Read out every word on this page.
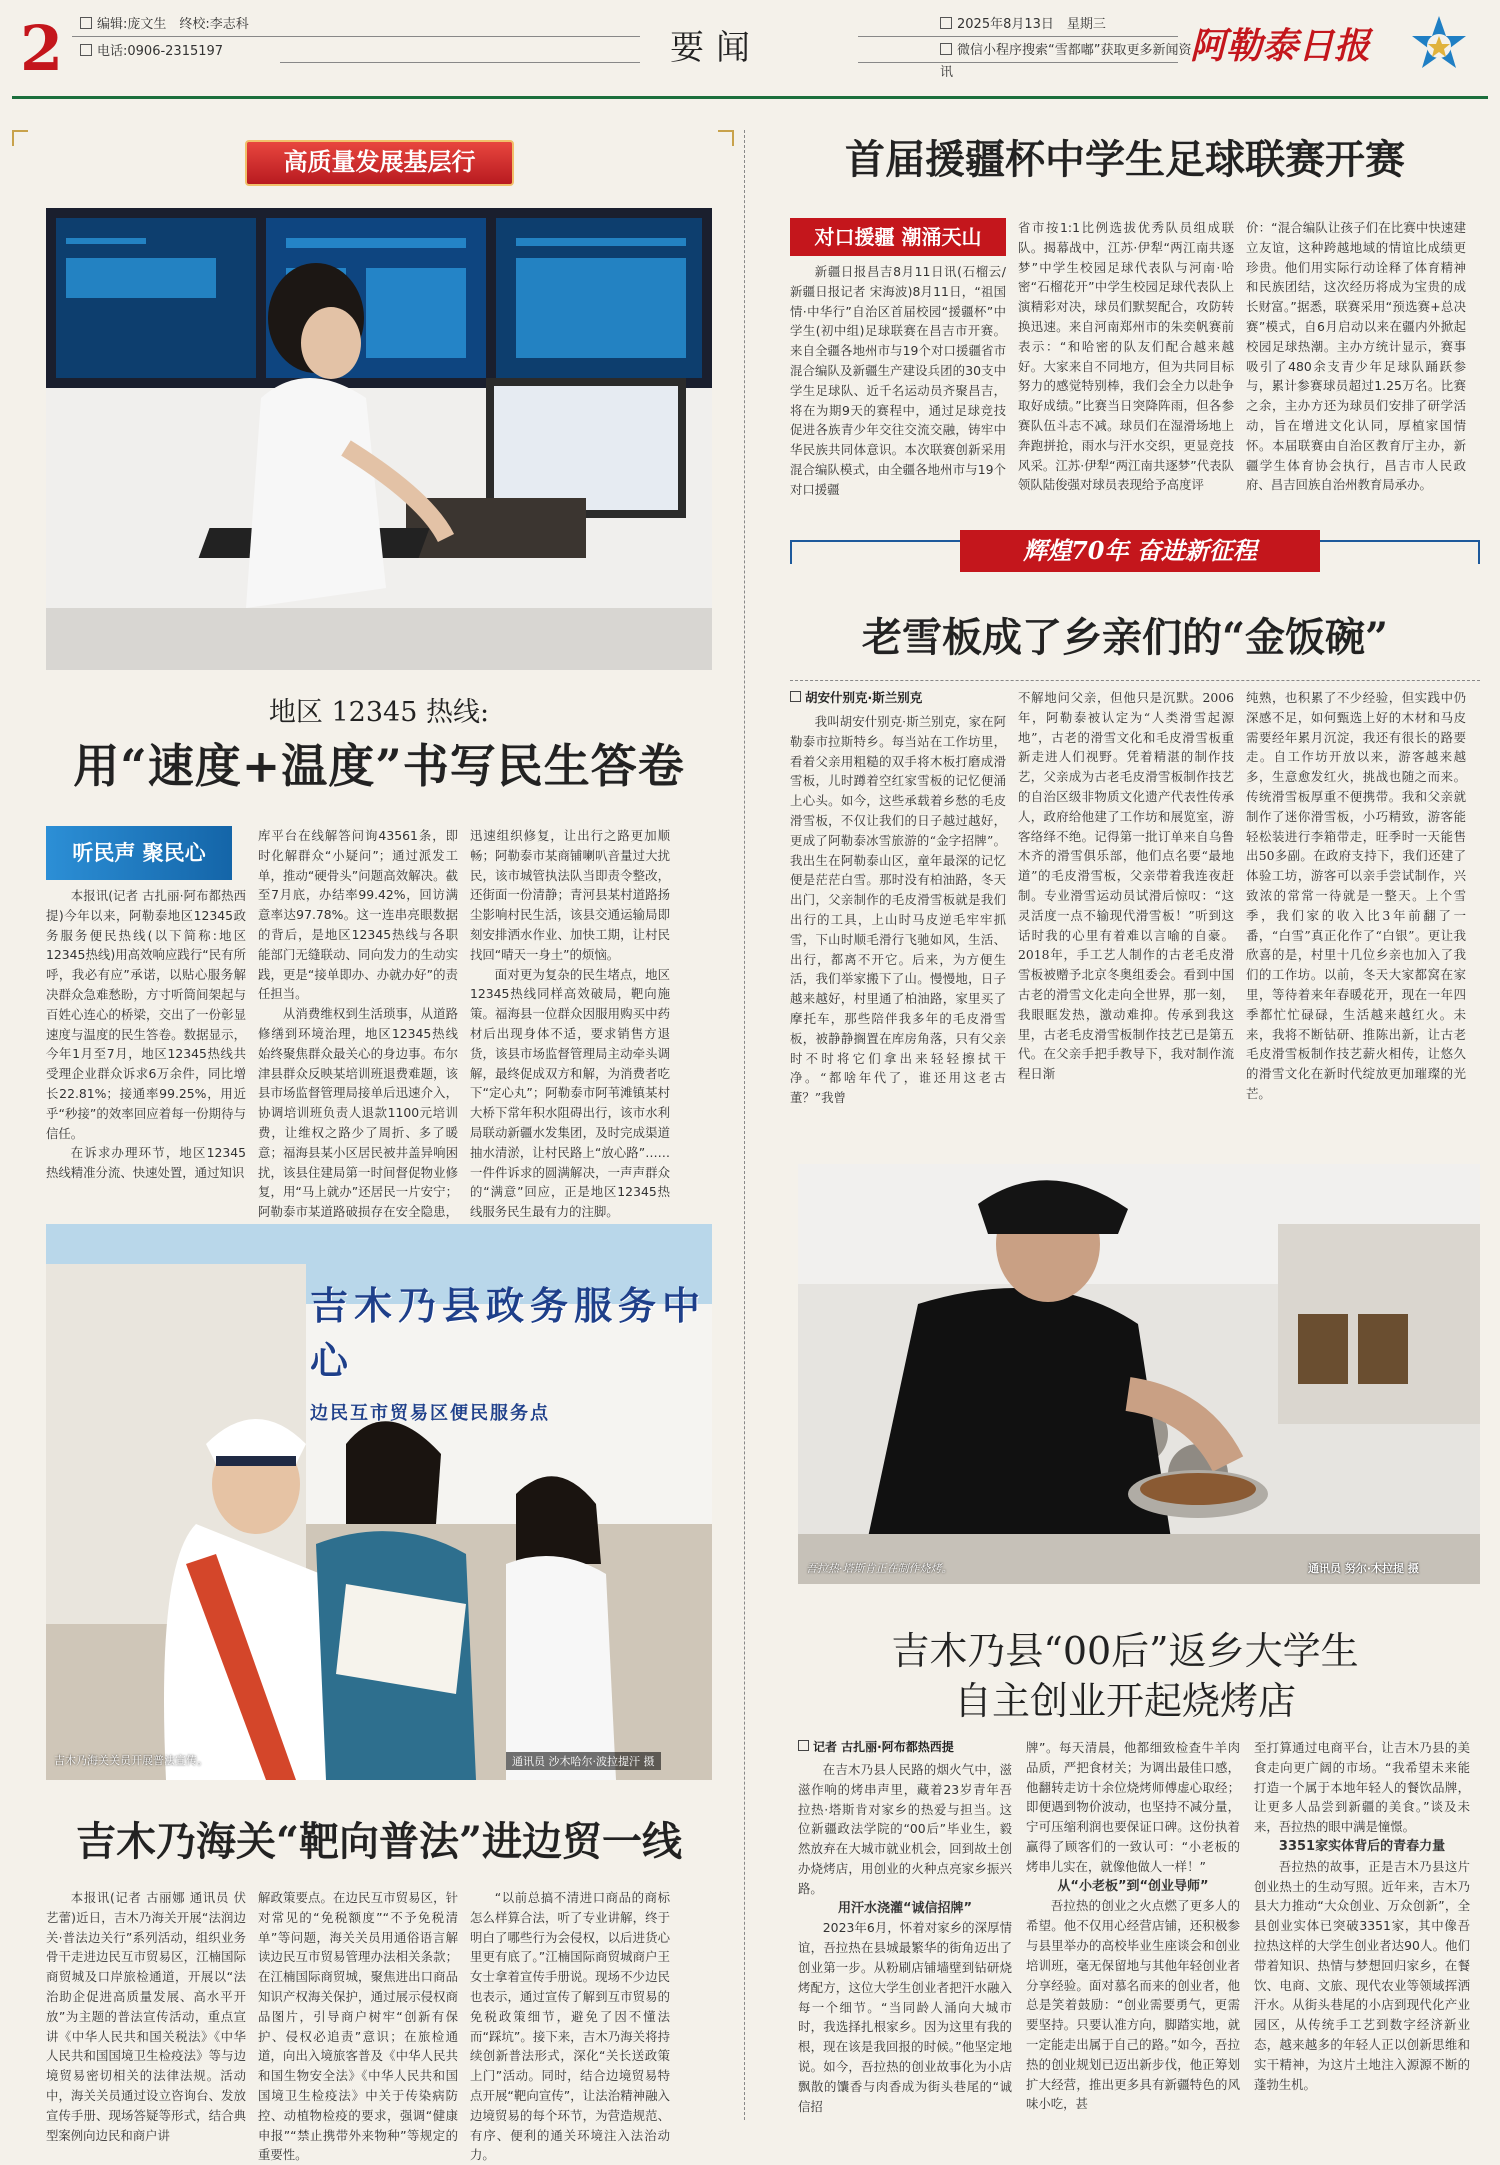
2	编辑:庞文生　终校:李志科
电话:0906-2315197	要闻
2025年8月13日　星期三
微信小程序搜索“雪都嘟”获取更多新闻资讯
阿勒泰日报
高质量发展基层行
地区 12345 热线:
用“速度+温度”书写民生答卷
听民声 聚民心

本报讯(记者 古扎丽·阿布都热西提)今年以来，阿勒泰地区12345政务服务便民热线(以下简称:地区12345热线)用高效响应践行“民有所呼，我必有应”承诺，以贴心服务解决群众急难愁盼，方寸听筒间架起与百姓心连心的桥梁，交出了一份彰显速度与温度的民生答卷。数据显示，今年1月至7月，地区12345热线共受理企业群众诉求6万余件，同比增长22.81%；接通率99.25%，用近乎“秒接”的效率回应着每一份期待与信任。

在诉求办理环节，地区12345热线精准分流、快速处置，通过知识

库平台在线解答问询43561条，即时化解群众“小疑问”；通过派发工单，推动“硬骨头”问题高效解决。截至7月底，办结率99.42%，回访满意率达97.78%。这一连串亮眼数据的背后，是地区12345热线与各职能部门无缝联动、同向发力的生动实践，更是“接单即办、办就办好”的责任担当。

从消费维权到生活琐事，从道路修缮到环境治理，地区12345热线始终聚焦群众最关心的身边事。布尔津县群众反映某培训班退费难题，该县市场监督管理局接单后迅速介入，协调培训班负责人退款1100元培训费，让维权之路少了周折、多了暖意；福海县某小区居民被井盖异响困扰，该县住建局第一时间督促物业修复，用“马上就办”还居民一片安宁；阿勒泰市某道路破损存在安全隐患，

迅速组织修复，让出行之路更加顺畅；阿勒泰市某商铺喇叭音量过大扰民，该市城管执法队当即责令整改，还街面一份清静；青河县某村道路扬尘影响村民生活，该县交通运输局即刻安排洒水作业、加快工期，让村民找回“晴天一身土”的烦恼。

面对更为复杂的民生堵点，地区12345热线同样高效破局，靶向施策。福海县一位群众因服用购买中药材后出现身体不适，要求销售方退货，该县市场监督管理局主动牵头调解，最终促成双方和解，为消费者吃下“定心丸”；阿勒泰市阿苇滩镇某村大桥下常年积水阻碍出行，该市水利局联动新疆水发集团，及时完成渠道抽水清淤，让村民路上“放心路”……一件件诉求的圆满解决，一声声群众的“满意”回应，正是地区12345热线服务民生最有力的注脚。

吉木乃县政务服务中心
边民互市贸易区便民服务点
吉木乃海关关员开展普法宣传。	通讯员 沙木哈尔·波拉提汗 摄
吉木乃海关“靶向普法”进边贸一线

本报讯(记者 古丽娜 通讯员 伏艺蕾)近日，吉木乃海关开展“法润边关·普法边关行”系列活动，组织业务骨干走进边民互市贸易区，江楠国际商贸城及口岸旅检通道，开展以“法治助企促进高质量发展、高水平开放”为主题的普法宣传活动，重点宣讲《中华人民共和国关税法》《中华人民共和国国境卫生检疫法》等与边境贸易密切相关的法律法规。活动中，海关关员通过设立咨询台、发放宣传手册、现场答疑等形式，结合典型案例向边民和商户讲

解政策要点。在边民互市贸易区，针对常见的“免税额度”“不予免税清单”等问题，海关关员用通俗语言解读边民互市贸易管理办法相关条款；在江楠国际商贸城，聚焦进出口商品知识产权海关保护，通过展示侵权商品图片，引导商户树牢“创新有保护、侵权必追责”意识；在旅检通道，向出入境旅客普及《中华人民共和国生物安全法》《中华人民共和国国境卫生检疫法》中关于传染病防控、动植物检疫的要求，强调“健康申报”“禁止携带外来物种”等规定的重要性。

“以前总搞不清进口商品的商标怎么样算合法，听了专业讲解，终于明白了哪些行为会侵权，以后进货心里更有底了。”江楠国际商贸城商户王女士拿着宣传手册说。现场不少边民也表示，通过宣传了解到互市贸易的免税政策细节，避免了因不懂法而“踩坑”。接下来，吉木乃海关将持续创新普法形式，深化“关长送政策上门”活动。同时，结合边境贸易特点开展“靶向宣传”，让法治精神融入边境贸易的每个环节，为营造规范、有序、便利的通关环境注入法治动力。

首届援疆杯中学生足球联赛开赛
对口援疆 潮涌天山

新疆日报昌吉8月11日讯(石榴云/新疆日报记者 宋海波)8月11日，“祖国情·中华行”自治区首届校园“援疆杯”中学生(初中组)足球联赛在昌吉市开赛。来自全疆各地州市与19个对口援疆省市混合编队及新疆生产建设兵团的30支中学生足球队、近千名运动员齐聚昌吉，将在为期9天的赛程中，通过足球竞技促进各族青少年交往交流交融，铸牢中华民族共同体意识。本次联赛创新采用混合编队模式，由全疆各地州市与19个对口援疆

省市按1:1比例选拔优秀队员组成联队。揭幕战中，江苏·伊犁“两江南共逐梦”中学生校园足球代表队与河南·哈密“石榴花开”中学生校园足球代表队上演精彩对决，球员们默契配合，攻防转换迅速。来自河南郑州市的朱奕帆赛前表示：“和哈密的队友们配合越来越好。大家来自不同地方，但为共同目标努力的感觉特别棒，我们会全力以赴争取好成绩。”比赛当日突降阵雨，但各参赛队伍斗志不减。球员们在湿滑场地上奔跑拼抢，雨水与汗水交织，更显竞技风采。江苏·伊犁“两江南共逐梦”代表队领队陆俊强对球员表现给予高度评

价：“混合编队让孩子们在比赛中快速建立友谊，这种跨越地域的情谊比成绩更珍贵。他们用实际行动诠释了体育精神和民族团结，这次经历将成为宝贵的成长财富。”据悉，联赛采用“预选赛+总决赛”模式，自6月启动以来在疆内外掀起校园足球热潮。主办方统计显示，赛事吸引了480余支青少年足球队踊跃参与，累计参赛球员超过1.25万名。比赛之余，主办方还为球员们安排了研学活动，旨在增进文化认同，厚植家国情怀。本届联赛由自治区教育厅主办，新疆学生体育协会执行，昌吉市人民政府、昌吉回族自治州教育局承办。

辉煌70年 奋进新征程
老雪板成了乡亲们的“金饭碗”
胡安什别克·斯兰别克

我叫胡安什别克·斯兰别克，家在阿勒泰市拉斯特乡。每当站在工作坊里，看着父亲用粗糙的双手将木板打磨成滑雪板，儿时蹲着空红家雪板的记忆便涌上心头。如今，这些承载着乡愁的毛皮滑雪板，不仅让我们的日子越过越好，更成了阿勒泰冰雪旅游的“金字招牌”。我出生在阿勒泰山区，童年最深的记忆便是茫茫白雪。那时没有柏油路，冬天出门，父亲制作的毛皮滑雪板就是我们出行的工具，上山时马皮逆毛牢牢抓雪，下山时顺毛滑行飞驰如风，生活、出行，都离不开它。后来，为方便生活，我们举家搬下了山。慢慢地，日子越来越好，村里通了柏油路，家里买了摩托车，那些陪伴我多年的毛皮滑雪板，被静静搁置在库房角落，只有父亲时不时将它们拿出来轻轻擦拭干净。“都啥年代了，谁还用这老古董？”我曾

不解地问父亲，但他只是沉默。2006年，阿勒泰被认定为“人类滑雪起源地”，古老的滑雪文化和毛皮滑雪板重新走进人们视野。凭着精湛的制作技艺，父亲成为古老毛皮滑雪板制作技艺的自治区级非物质文化遗产代表性传承人，政府给他建了工作坊和展览室，游客络绎不绝。记得第一批订单来自乌鲁木齐的滑雪俱乐部，他们点名要“最地道”的毛皮滑雪板，父亲带着我连夜赶制。专业滑雪运动员试滑后惊叹：“这灵活度一点不输现代滑雪板！”听到这话时我的心里有着难以言喻的自豪。2018年，手工艺人制作的古老毛皮滑雪板被赠予北京冬奥组委会。看到中国古老的滑雪文化走向全世界，那一刻，我眼眶发热，激动难抑。传承到我这里，古老毛皮滑雪板制作技艺已是第五代。在父亲手把手教导下，我对制作流程日渐

纯熟，也积累了不少经验，但实践中仍深感不足，如何甄选上好的木材和马皮需要经年累月沉淀，我还有很长的路要走。自工作坊开放以来，游客越来越多，生意愈发红火，挑战也随之而来。传统滑雪板厚重不便携带。我和父亲就制作了迷你滑雪板，小巧精致，游客能轻松装进行李箱带走，旺季时一天能售出50多副。在政府支持下，我们还建了体验工坊，游客可以亲手尝试制作，兴致浓的常常一待就是一整天。上个雪季，我们家的收入比3年前翻了一番，“白雪”真正化作了“白银”。更让我欣喜的是，村里十几位乡亲也加入了我们的工作坊。以前，冬天大家都窝在家里，等待着来年春暖花开，现在一年四季都忙忙碌碌，生活越来越红火。未来，我将不断钻研、推陈出新，让古老毛皮滑雪板制作技艺薪火相传，让悠久的滑雪文化在新时代绽放更加璀璨的光芒。

吾拉热·塔斯肯正在制作烧烤。	通讯员 努尔·木拉提 摄
吉木乃县“00后”返乡大学生
自主创业开起烧烤店
记者 古扎丽·阿布都热西提

在吉木乃县人民路的烟火气中，滋滋作响的烤串声里，藏着23岁青年吾拉热·塔斯肯对家乡的热爱与担当。这位新疆政法学院的“00后”毕业生，毅然放弃在大城市就业机会，回到故土创办烧烤店，用创业的火种点亮家乡振兴路。

用汗水浇灌“诚信招牌”

2023年6月，怀着对家乡的深厚情谊，吾拉热在县城最繁华的街角迈出了创业第一步。从粉刷店铺墙壁到钻研烧烤配方，这位大学生创业者把汗水融入每一个细节。“当同龄人涌向大城市时，我选择扎根家乡。因为这里有我的根，现在该是我回报的时候。”他坚定地说。如今，吾拉热的创业故事化为小店飘散的馕香与肉香成为街头巷尾的“诚信招

牌”。每天清晨，他都细致检查牛羊肉品质，严把食材关；为调出最佳口感，他翻转走访十余位烧烤师傅虚心取经；即便遇到物价波动，也坚持不减分量，宁可压缩利润也要保证口碑。这份执着赢得了顾客们的一致认可：“小老板的烤串儿实在，就像他做人一样！”

从“小老板”到“创业导师”

吾拉热的创业之火点燃了更多人的希望。他不仅用心经营店铺，还积极参与县里举办的高校毕业生座谈会和创业培训班，毫无保留地与其他年轻创业者分享经验。面对慕名而来的创业者，他总是笑着鼓励：“创业需要勇气，更需要坚持。只要认准方向，脚踏实地，就一定能走出属于自己的路。”如今，吾拉热的创业规划已迈出新步伐，他正筹划扩大经营，推出更多具有新疆特色的风味小吃，甚

至打算通过电商平台，让吉木乃县的美食走向更广阔的市场。“我希望未来能打造一个属于本地年轻人的餐饮品牌，让更多人品尝到新疆的美食。”谈及未来，吾拉热的眼中满是憧憬。

3351家实体背后的青春力量

吾拉热的故事，正是吉木乃县这片创业热土的生动写照。近年来，吉木乃县大力推动“大众创业、万众创新”，全县创业实体已突破3351家，其中像吾拉热这样的大学生创业者达90人。他们带着知识、热情与梦想回归家乡，在餐饮、电商、文旅、现代农业等领域挥洒汗水。从街头巷尾的小店到现代化产业园区，从传统手工艺到数字经济新业态，越来越多的年轻人正以创新思维和实干精神，为这片土地注入源源不断的蓬勃生机。
